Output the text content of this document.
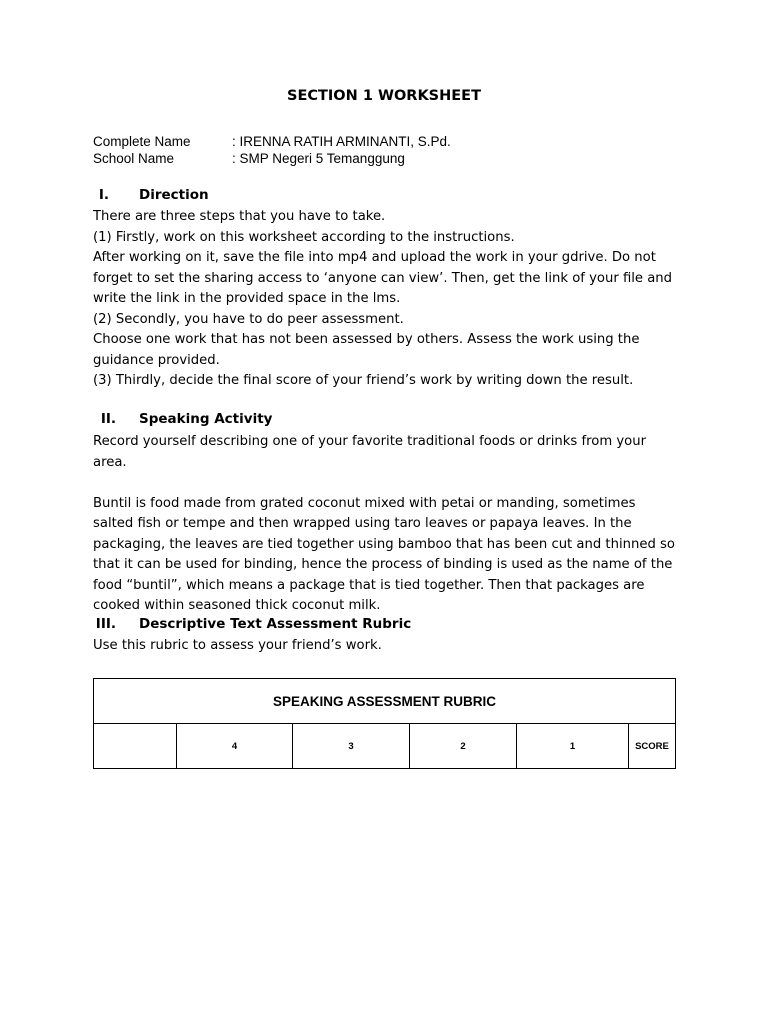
SECTION 1 WORKSHEET
Complete Name	: IRENNA RATIH ARMINANTI, S.Pd.
School Name	: SMP Negeri 5 Temanggung
I. Direction

There are three steps that you have to take.

(1) Firstly, work on this worksheet according to the instructions.

After working on it, save the file into mp4 and upload the work in your gdrive. Do not forget to set the sharing access to ‘anyone can view’. Then, get the link of your file and write the link in the provided space in the lms.

(2) Secondly, you have to do peer assessment.

Choose one work that has not been assessed by others. Assess the work using the guidance provided.

(3) Thirdly, decide the final score of your friend’s work by writing down the result.

II. Speaking Activity

Record yourself describing one of your favorite traditional foods or drinks from your area.

Buntil is food made from grated coconut mixed with petai or manding, sometimes salted fish or tempe and then wrapped using taro leaves or papaya leaves. In the packaging, the leaves are tied together using bamboo that has been cut and thinned so that it can be used for binding, hence the process of binding is used as the name of the food “buntil”, which means a package that is tied together. Then that packages are cooked within seasoned thick coconut milk.

III. Descriptive Text Assessment Rubric

Use this rubric to assess your friend’s work.

SPEAKING ASSESSMENT RUBRIC
	4	3	2	1	SCORE
